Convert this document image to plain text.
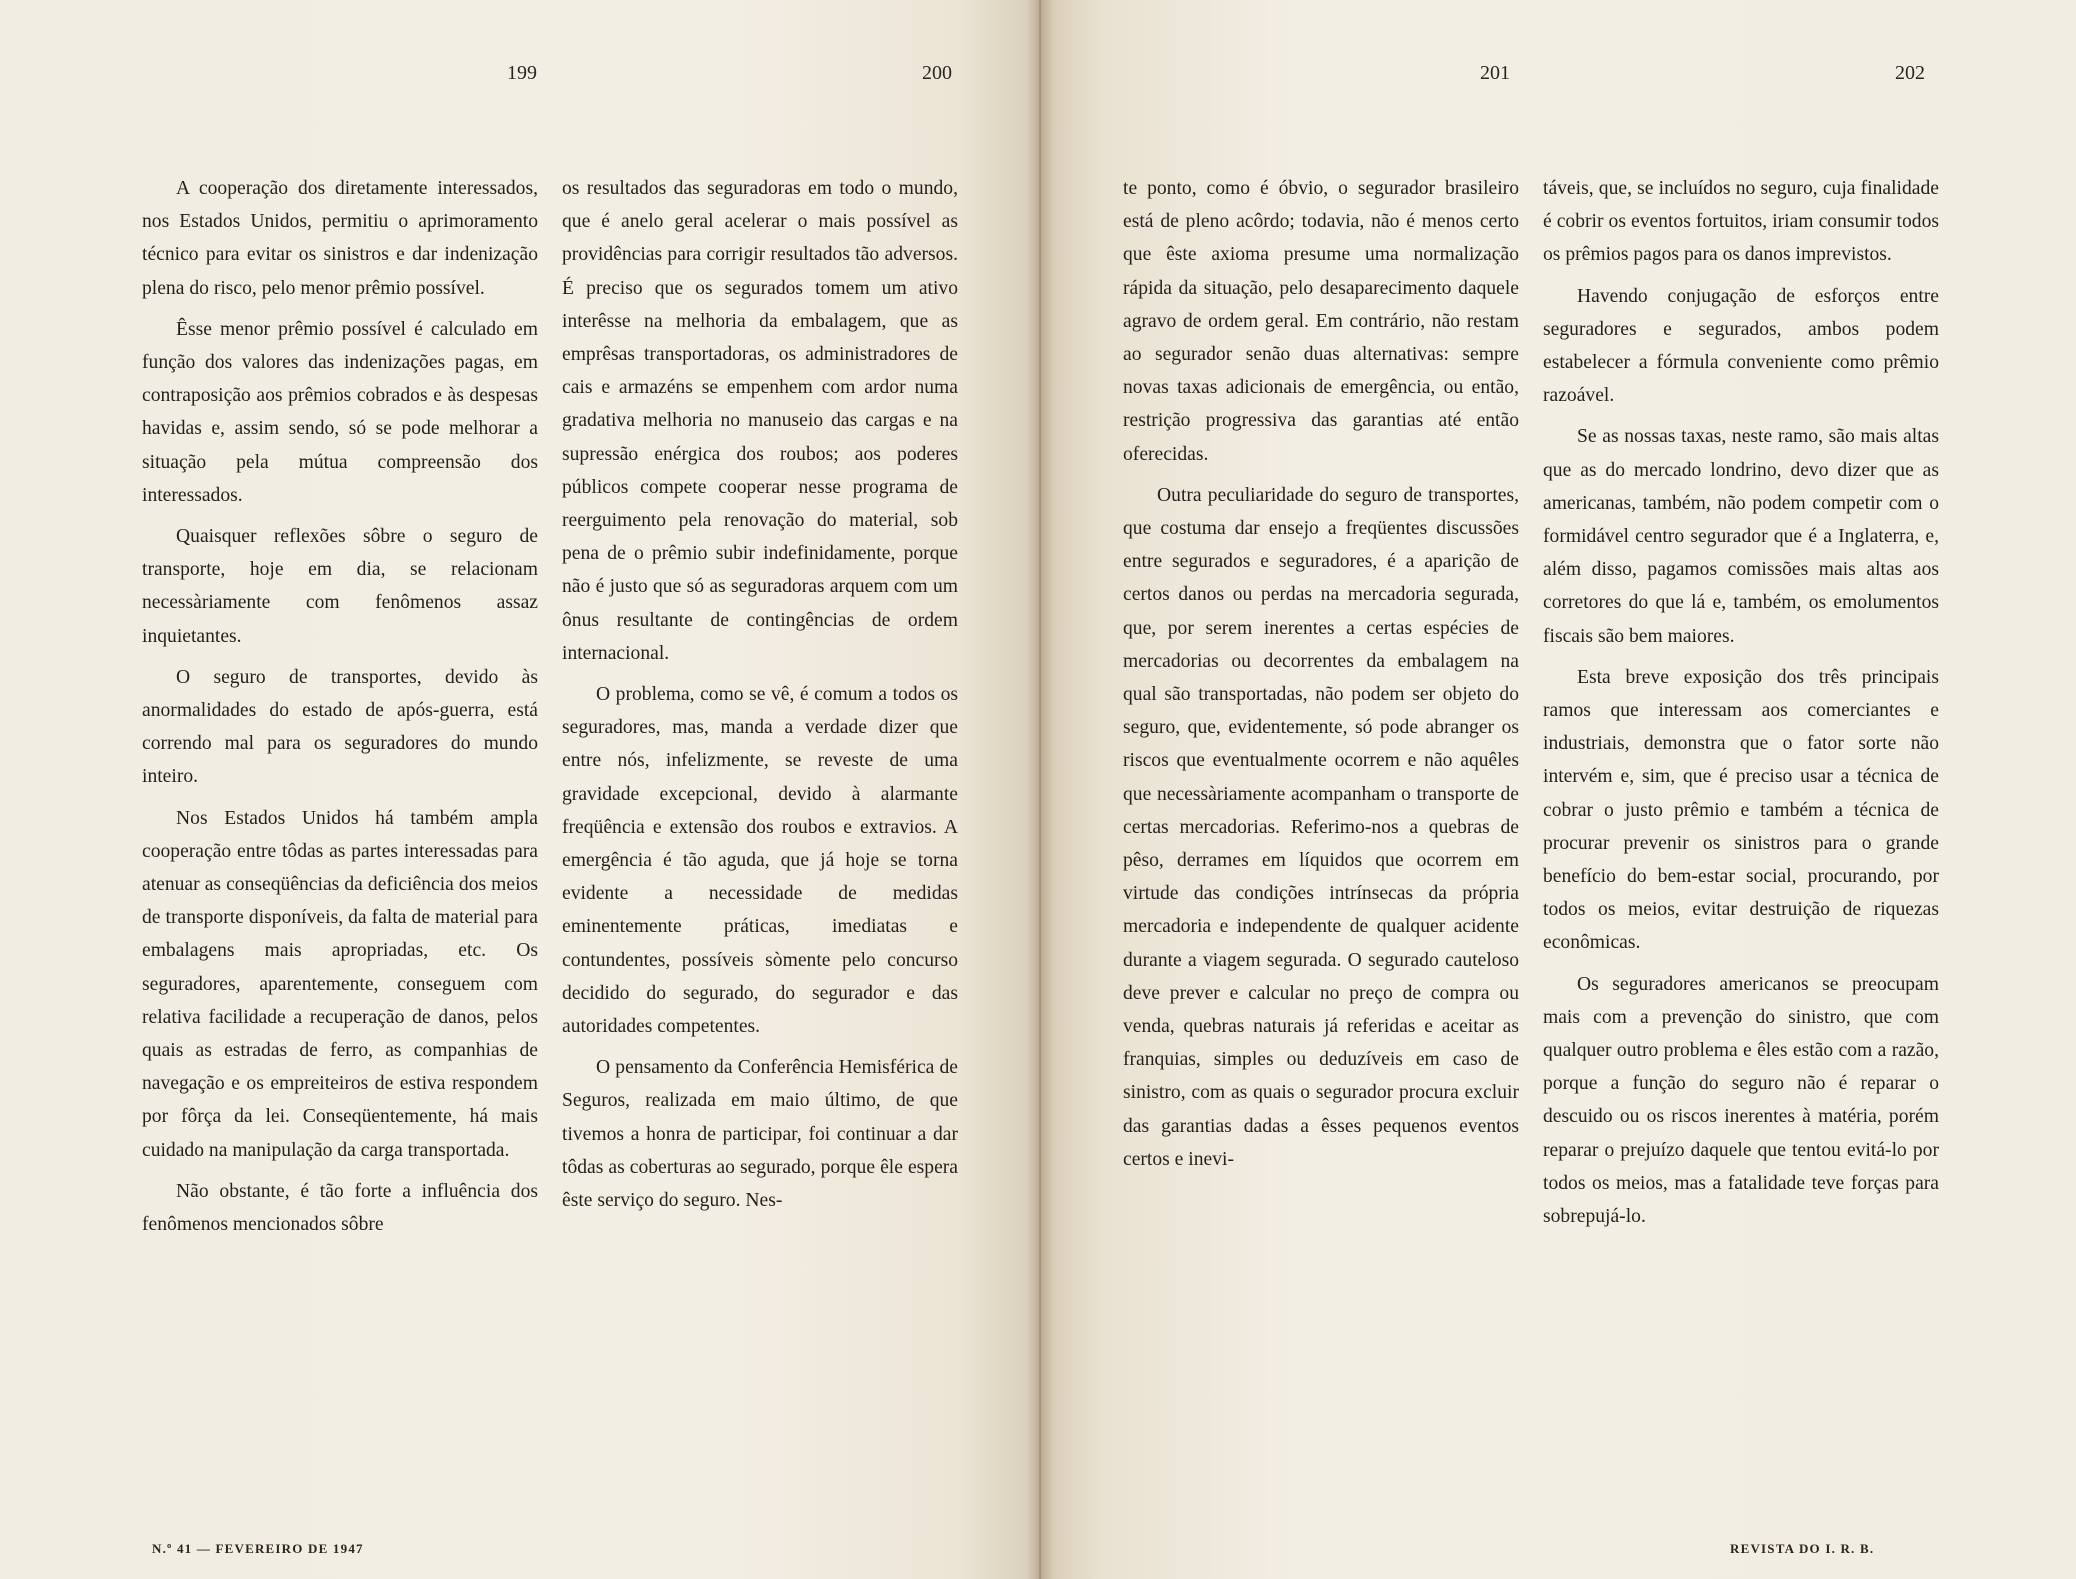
199	200	201	202

A cooperação dos diretamente interessados, nos Estados Unidos, permitiu o aprimoramento técnico para evitar os sinistros e dar indenização plena do risco, pelo menor prêmio possível.

Êsse menor prêmio possível é calculado em função dos valores das indenizações pagas, em contraposição aos prêmios cobrados e às despesas havidas e, assim sendo, só se pode melhorar a situação pela mútua compreensão dos interessados.

Quaisquer reflexões sôbre o seguro de transporte, hoje em dia, se relacionam necessàriamente com fenômenos assaz inquietantes.

O seguro de transportes, devido às anormalidades do estado de após-guerra, está correndo mal para os seguradores do mundo inteiro.

Nos Estados Unidos há também ampla cooperação entre tôdas as partes interessadas para atenuar as conseqüências da deficiência dos meios de transporte disponíveis, da falta de material para embalagens mais apropriadas, etc. Os seguradores, aparentemente, conseguem com relativa facilidade a recuperação de danos, pelos quais as estradas de ferro, as companhias de navegação e os empreiteiros de estiva respondem por fôrça da lei. Conseqüentemente, há mais cuidado na manipulação da carga transportada.

Não obstante, é tão forte a influência dos fenômenos mencionados sôbre

os resultados das seguradoras em todo o mundo, que é anelo geral acelerar o mais possível as providências para corrigir resultados tão adversos. É preciso que os segurados tomem um ativo interêsse na melhoria da embalagem, que as emprêsas transportadoras, os administradores de cais e armazéns se empenhem com ardor numa gradativa melhoria no manuseio das cargas e na supressão enérgica dos roubos; aos poderes públicos compete cooperar nesse programa de reerguimento pela renovação do material, sob pena de o prêmio subir indefinidamente, porque não é justo que só as seguradoras arquem com um ônus resultante de contingências de ordem internacional.

O problema, como se vê, é comum a todos os seguradores, mas, manda a verdade dizer que entre nós, infelizmente, se reveste de uma gravidade excepcional, devido à alarmante freqüência e extensão dos roubos e extravios. A emergência é tão aguda, que já hoje se torna evidente a necessidade de medidas eminentemente práticas, imediatas e contundentes, possíveis sòmente pelo concurso decidido do segurado, do segurador e das autoridades competentes.

O pensamento da Conferência Hemisférica de Seguros, realizada em maio último, de que tivemos a honra de participar, foi continuar a dar tôdas as coberturas ao segurado, porque êle espera êste serviço do seguro. Nes-

te ponto, como é óbvio, o segurador brasileiro está de pleno acôrdo; todavia, não é menos certo que êste axioma presume uma normalização rápida da situação, pelo desaparecimento daquele agravo de ordem geral. Em contrário, não restam ao segurador senão duas alternativas: sempre novas taxas adicionais de emergência, ou então, restrição progressiva das garantias até então oferecidas.

Outra peculiaridade do seguro de transportes, que costuma dar ensejo a freqüentes discussões entre segurados e seguradores, é a aparição de certos danos ou perdas na mercadoria segurada, que, por serem inerentes a certas espécies de mercadorias ou decorrentes da embalagem na qual são transportadas, não podem ser objeto do seguro, que, evidentemente, só pode abranger os riscos que eventualmente ocorrem e não aquêles que necessàriamente acompanham o transporte de certas mercadorias. Referimo-nos a quebras de pêso, derrames em líquidos que ocorrem em virtude das condições intrínsecas da própria mercadoria e independente de qualquer acidente durante a viagem segurada. O segurado cauteloso deve prever e calcular no preço de compra ou venda, quebras naturais já referidas e aceitar as franquias, simples ou deduzíveis em caso de sinistro, com as quais o segurador procura excluir das garantias dadas a êsses pequenos eventos certos e inevi-

táveis, que, se incluídos no seguro, cuja finalidade é cobrir os eventos fortuitos, iriam consumir todos os prêmios pagos para os danos imprevistos.

Havendo conjugação de esforços entre seguradores e segurados, ambos podem estabelecer a fórmula conveniente como prêmio razoável.

Se as nossas taxas, neste ramo, são mais altas que as do mercado londrino, devo dizer que as americanas, também, não podem competir com o formidável centro segurador que é a Inglaterra, e, além disso, pagamos comissões mais altas aos corretores do que lá e, também, os emolumentos fiscais são bem maiores.

Esta breve exposição dos três principais ramos que interessam aos comerciantes e industriais, demonstra que o fator sorte não intervém e, sim, que é preciso usar a técnica de cobrar o justo prêmio e também a técnica de procurar prevenir os sinistros para o grande benefício do bem-estar social, procurando, por todos os meios, evitar destruição de riquezas econômicas.

Os seguradores americanos se preocupam mais com a prevenção do sinistro, que com qualquer outro problema e êles estão com a razão, porque a função do seguro não é reparar o descuido ou os riscos inerentes à matéria, porém reparar o prejuízo daquele que tentou evitá-lo por todos os meios, mas a fatalidade teve forças para sobrepujá-lo.

N.º 41 — FEVEREIRO DE 1947	REVISTA DO I. R. B.
